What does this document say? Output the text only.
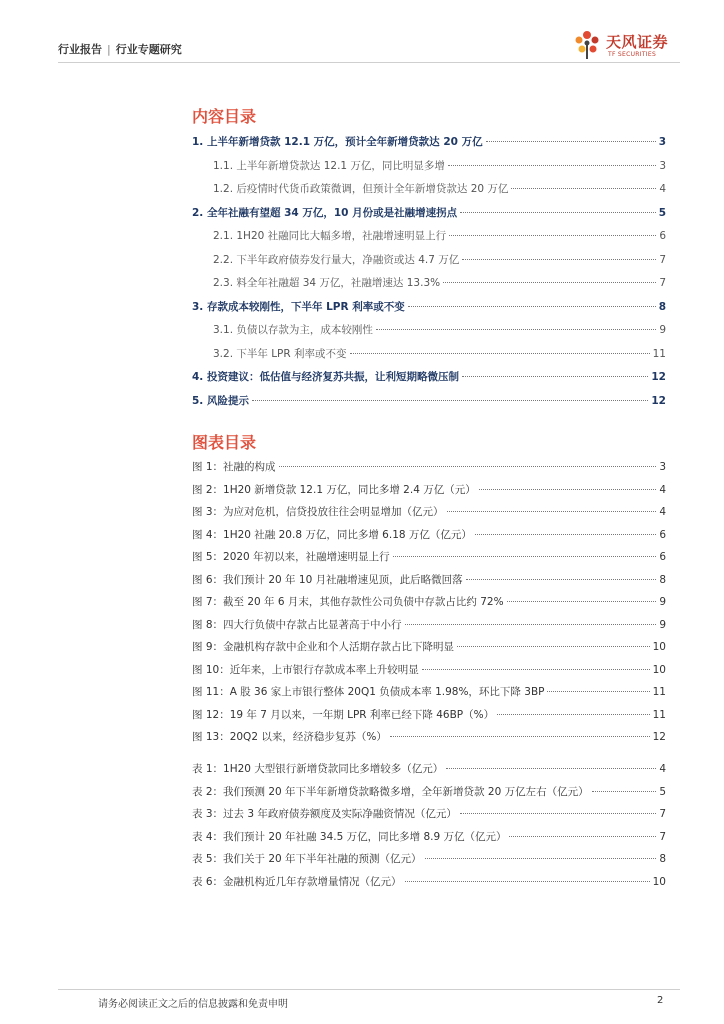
行业报告 | 行业专题研究	天风证券
TF SECURITIES
内容目录
1. 上半年新增贷款 12.1 万亿，预计全年新增贷款达 20 万亿	3
1.1. 上半年新增贷款达 12.1 万亿，同比明显多增	3
1.2. 后疫情时代货币政策微调，但预计全年新增贷款达 20 万亿	4
2. 全年社融有望超 34 万亿，10 月份或是社融增速拐点	5
2.1. 1H20 社融同比大幅多增，社融增速明显上行	6
2.2. 下半年政府债券发行量大，净融资或达 4.7 万亿	7
2.3. 料全年社融超 34 万亿，社融增速达 13.3%	7
3. 存款成本较刚性，下半年 LPR 利率或不变	8
3.1. 负债以存款为主，成本较刚性	9
3.2. 下半年 LPR 利率或不变	11
4. 投资建议：低估值与经济复苏共振，让利短期略微压制	12
5. 风险提示	12
图表目录
图 1：社融的构成	3
图 2：1H20 新增贷款 12.1 万亿，同比多增 2.4 万亿（元）	4
图 3：为应对危机，信贷投放往往会明显增加（亿元）	4
图 4：1H20 社融 20.8 万亿，同比多增 6.18 万亿（亿元）	6
图 5：2020 年初以来，社融增速明显上行	6
图 6：我们预计 20 年 10 月社融增速见顶，此后略微回落	8
图 7：截至 20 年 6 月末，其他存款性公司负债中存款占比约 72%	9
图 8：四大行负债中存款占比显著高于中小行	9
图 9：金融机构存款中企业和个人活期存款占比下降明显	10
图 10：近年来，上市银行存款成本率上升较明显	10
图 11：A 股 36 家上市银行整体 20Q1 负债成本率 1.98%，环比下降 3BP	11
图 12：19 年 7 月以来，一年期 LPR 利率已经下降 46BP（%）	11
图 13：20Q2 以来，经济稳步复苏（%）	12
表 1：1H20 大型银行新增贷款同比多增较多（亿元）	4
表 2：我们预测 20 年下半年新增贷款略微多增，全年新增贷款 20 万亿左右（亿元）	5
表 3：过去 3 年政府债券额度及实际净融资情况（亿元）	7
表 4：我们预计 20 年社融 34.5 万亿，同比多增 8.9 万亿（亿元）	7
表 5：我们关于 20 年下半年社融的预测（亿元）	8
表 6：金融机构近几年存款增量情况（亿元）	10
请务必阅读正文之后的信息披露和免责申明	2
